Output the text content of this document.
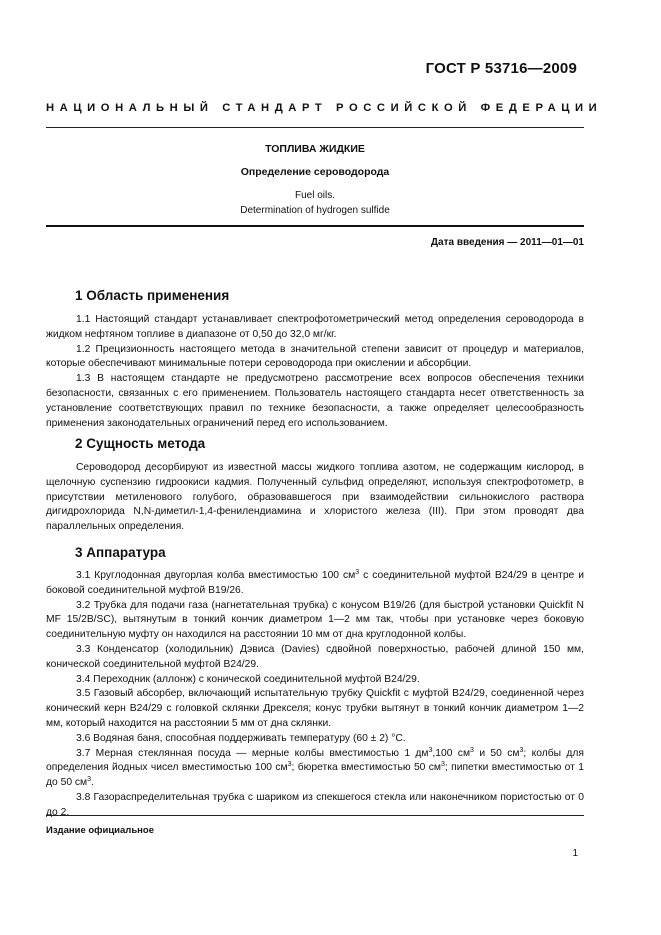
ГОСТ Р 53716—2009
НАЦИОНАЛЬНЫЙ СТАНДАРТ РОССИЙСКОЙ ФЕДЕРАЦИИ
ТОПЛИВА ЖИДКИЕ
Определение сероводорода
Fuel oils.
Determination of hydrogen sulfide
Дата введения — 2011—01—01
1 Область применения

1.1 Настоящий стандарт устанавливает спектрофотометрический метод определения сероводорода в жидком нефтяном топливе в диапазоне от 0,50 до 32,0 мг/кг.

1.2 Прецизионность настоящего метода в значительной степени зависит от процедур и материалов, которые обеспечивают минимальные потери сероводорода при окислении и абсорбции.

1.3 В настоящем стандарте не предусмотрено рассмотрение всех вопросов обеспечения техники безопасности, связанных с его применением. Пользователь настоящего стандарта несет ответственность за установление соответствующих правил по технике безопасности, а также определяет целесообразность применения законодательных ограничений перед его использованием.

2 Сущность метода

Сероводород десорбируют из известной массы жидкого топлива азотом, не содержащим кислород, в щелочную суспензию гидроокиси кадмия. Полученный сульфид определяют, используя спектрофотометр, в присутствии метиленового голубого, образовавшегося при взаимодействии сильнокислого раствора дигидрохлорида N,N-диметил-1,4-фенилендиамина и хлористого железа (III). При этом проводят два параллельных определения.

3 Аппаратура

3.1 Круглодонная двугорлая колба вместимостью 100 $см^3$ с соединительной муфтой В24/29 в центре и боковой соединительной муфтой В19/26.

3.2 Трубка для подачи газа (нагнетательная трубка) с конусом В19/26 (для быстрой установки Quickfit N MF 15/2B/SC), вытянутым в тонкий кончик диаметром 1—2 мм так, чтобы при установке через боковую соединительную муфту он находился на расстоянии 10 мм от дна круглодонной колбы.

3.3 Конденсатор (холодильник) Дэвиса (Davies) сдвойной поверхностью, рабочей длиной 150 мм, конической соединительной муфтой В24/29.

3.4 Переходник (аллонж) с конической соединительной муфтой В24/29.

3.5 Газовый абсорбер, включающий испытательную трубку Quickfit с муфтой В24/29, соединенной через конический керн В24/29 с головкой склянки Дрекселя; конус трубки вытянут в тонкий кончик диаметром 1—2 мм, который находится на расстоянии 5 мм от дна склянки.

3.6 Водяная баня, способная поддерживать температуру (60 ± 2) °С.

3.7 Мерная стеклянная посуда — мерные колбы вместимостью 1 $дм^3,100$ $см^3$ и 50 $см^3$; колбы для определения йодных чисел вместимостью 100 $см^3$; бюретка вместимостью 50 $см^3$; пипетки вместимостью от 1 до 50 $см^3$.

3.8 Газораспределительная трубка с шариком из спекшегося стекла или наконечником пористостью от 0 до 2.

Издание официальное
1
